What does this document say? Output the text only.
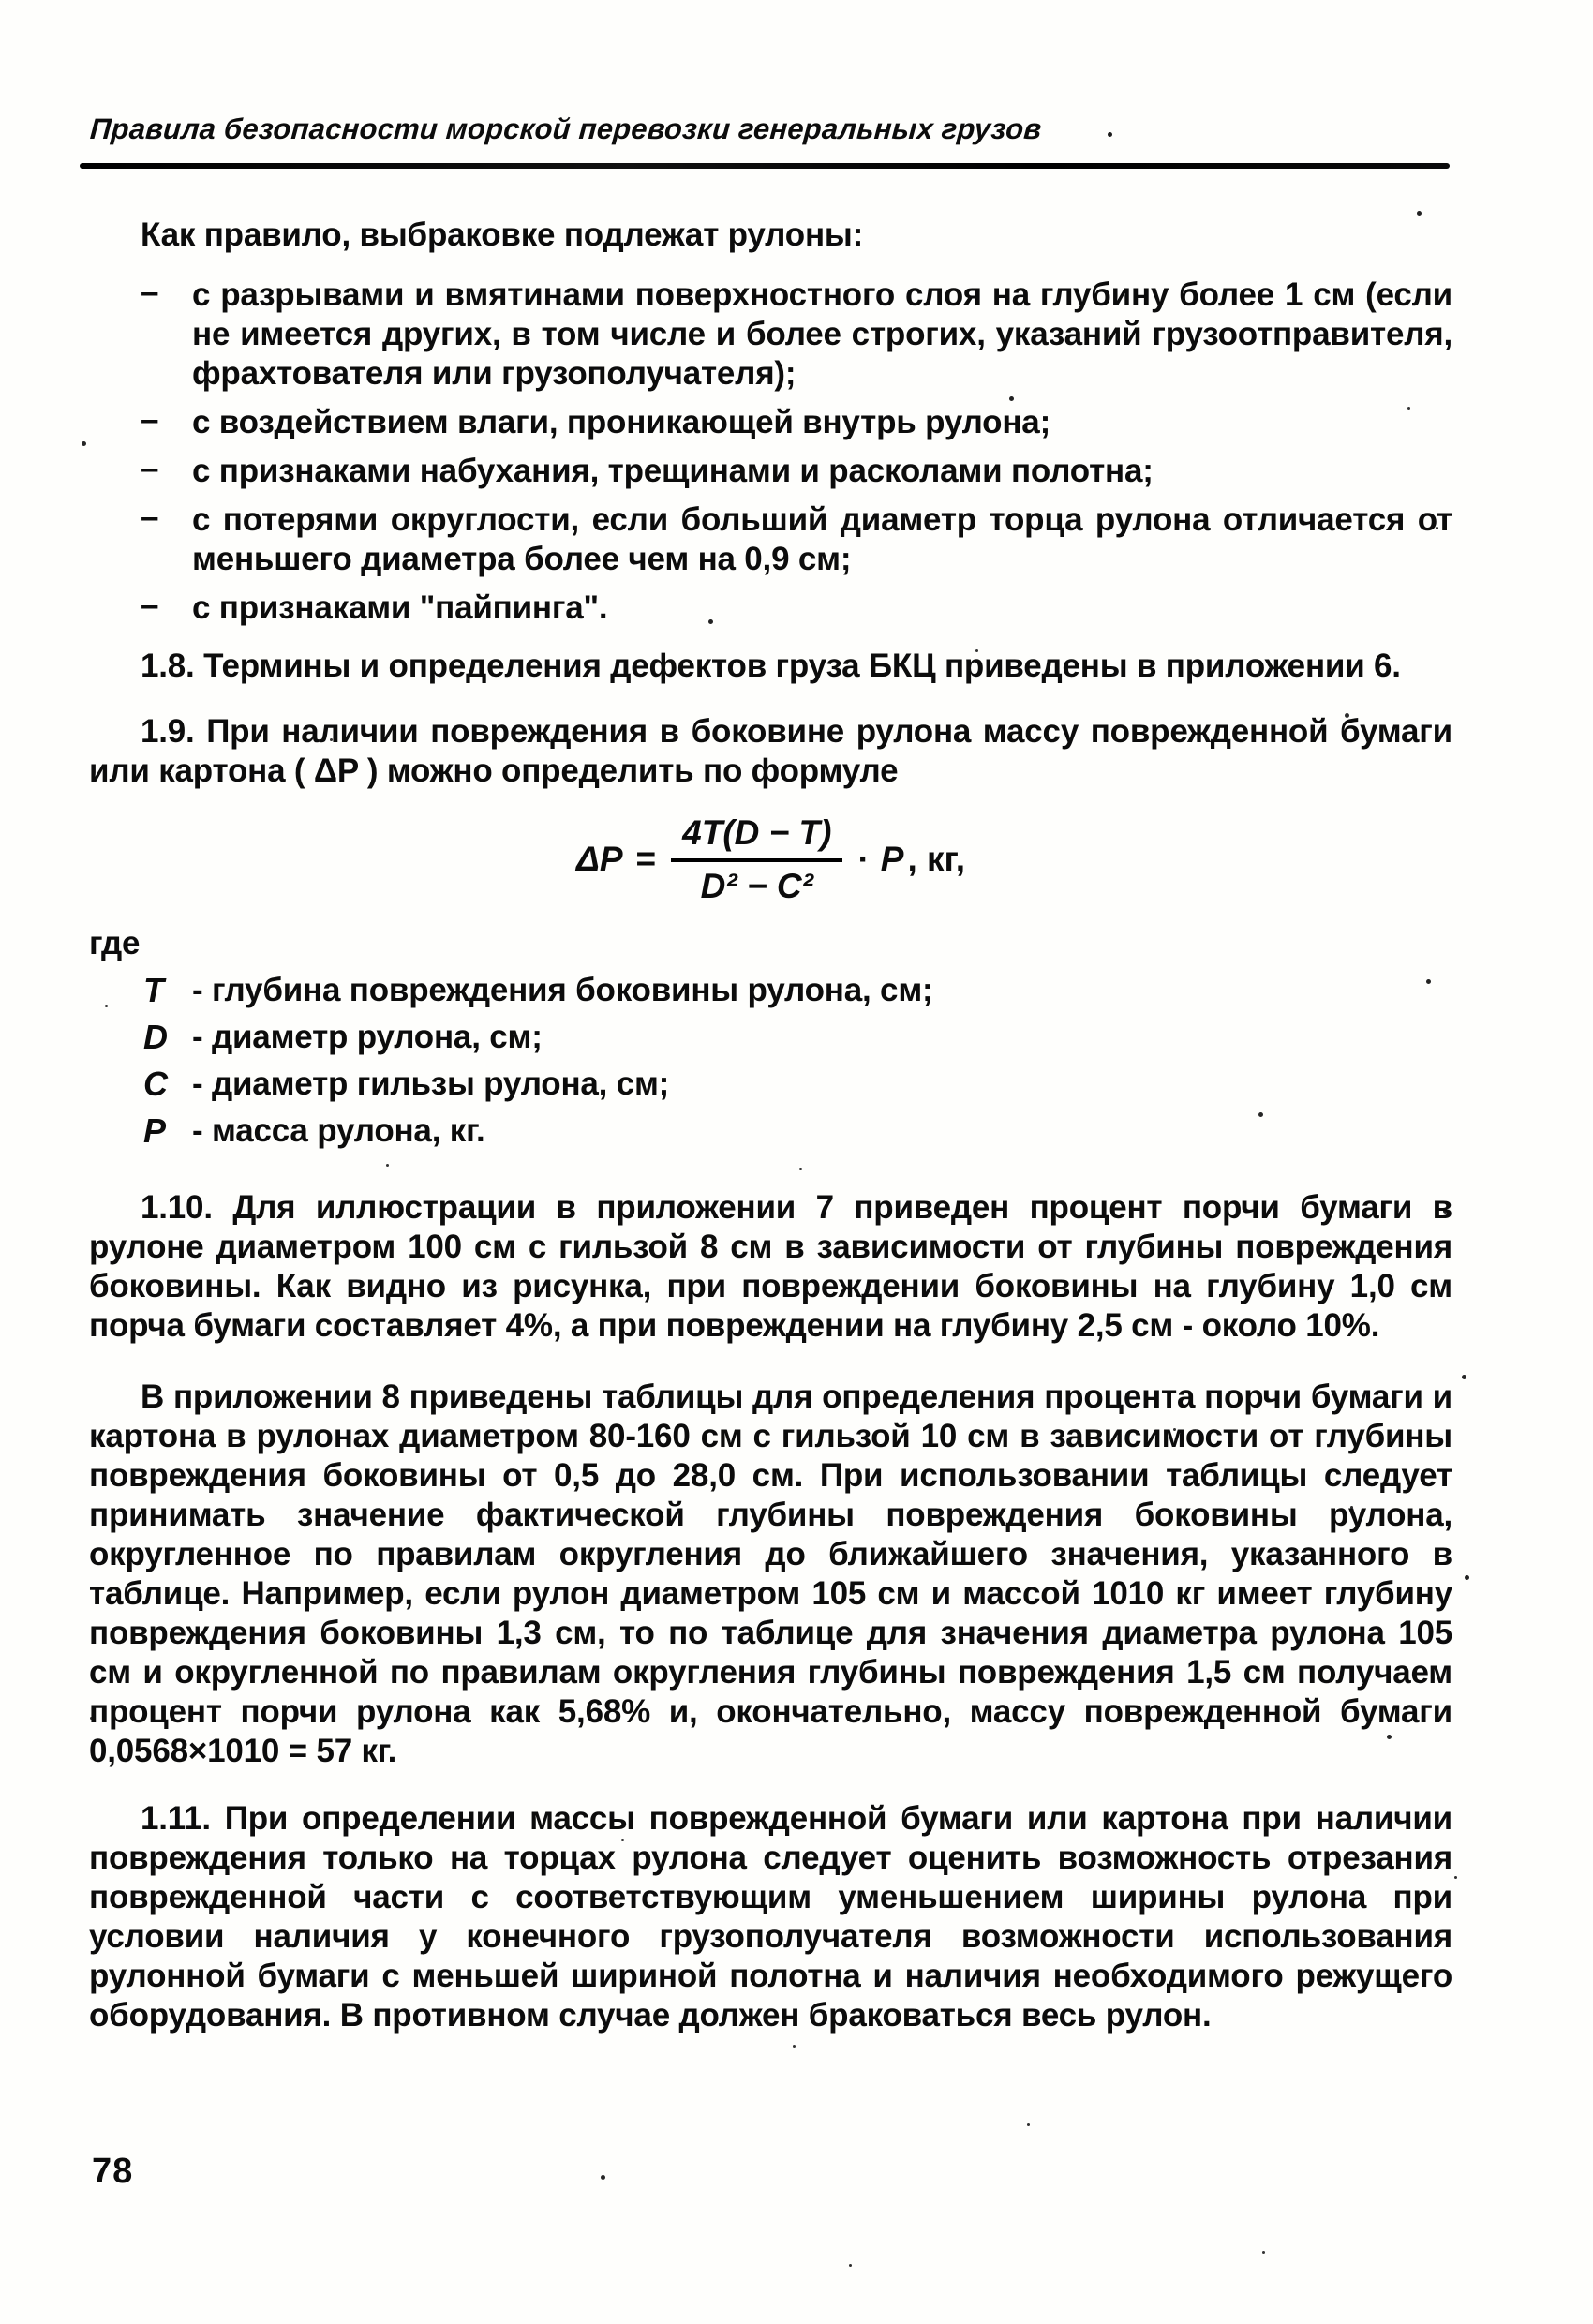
Правила безопасности морской перевозки генеральных грузов
Как правило, выбраковке подлежат рулоны:
– с разрывами и вмятинами поверхностного слоя на глубину более 1 см (если не имеется других, в том числе и более строгих, указаний грузоотправителя, фрахтователя или грузополучателя);
– с воздействием влаги, проникающей внутрь рулона;
– с признаками набухания, трещинами и расколами полотна;
– с потерями округлости, если больший диаметр торца рулона отличается от меньшего диаметра более чем на 0,9 см;
– с признаками "пайпинга".
1.8. Термины и определения дефектов груза БКЦ приведены в приложении 6.
1.9. При наличии повреждения в боковине рулона массу поврежденной бумаги или картона ( ΔP ) можно определить по формуле
$\Delta P = \frac{4T(D - T)}{\text{D² − C²}} \cdot P$ , кг,
где
T - глубина повреждения боковины рулона, см;
D - диаметр рулона, см;
C - диаметр гильзы рулона, см;
P - масса рулона, кг.
1.10. Для иллюстрации в приложении 7 приведен процент порчи бумаги в рулоне диаметром 100 см с гильзой 8 см в зависимости от глубины повреждения боковины. Как видно из рисунка, при повреждении боковины на глубину 1,0 см порча бумаги составляет 4%, а при повреждении на глубину 2,5 см - около 10%.
В приложении 8 приведены таблицы для определения процента порчи бумаги и картона в рулонах диаметром 80-160 см с гильзой 10 см в зависимости от глубины повреждения боковины от 0,5 до 28,0 см. При использовании таблицы следует принимать значение фактической глубины повреждения боковины рулона, округленное по правилам округления до ближайшего значения, указанного в таблице. Например, если рулон диаметром 105 см и массой 1010 кг имеет глубину повреждения боковины 1,3 см, то по таблице для значения диаметра рулона 105 см и округленной по правилам округления глубины повреждения 1,5 см получаем процент порчи рулона как 5,68% и, окончательно, массу поврежденной бумаги 0,0568×1010 = 57 кг.
1.11. При определении массы поврежденной бумаги или картона при наличии повреждения только на торцах рулона следует оценить возможность отрезания поврежденной части с соответствующим уменьшением ширины рулона при условии наличия у конечного грузополучателя возможности использования рулонной бумаги с меньшей шириной полотна и наличия необходимого режущего оборудования. В противном случае должен браковаться весь рулон.
78
